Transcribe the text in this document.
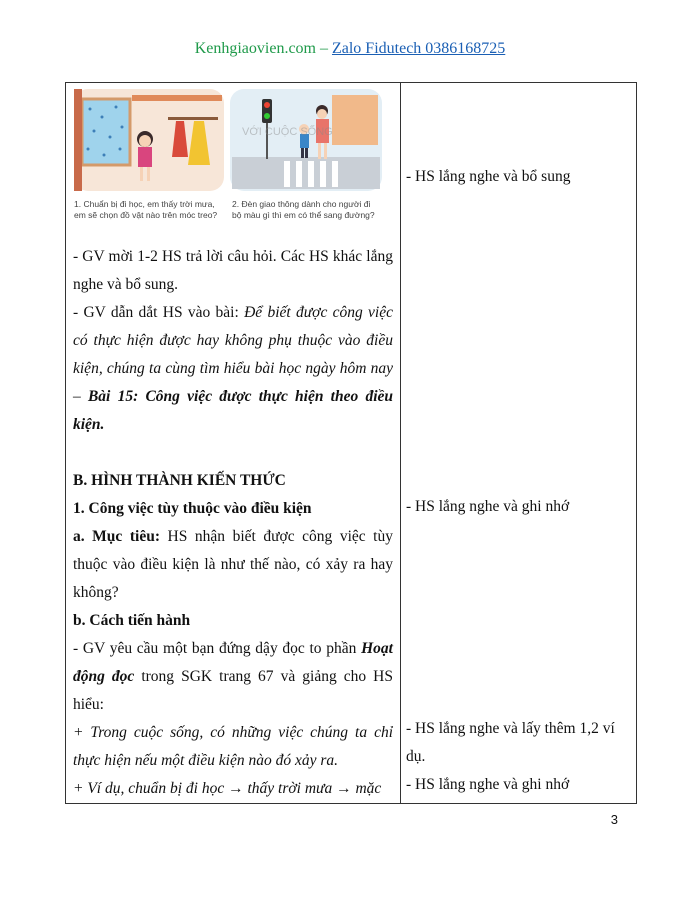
Kenhgiaovien.com – Zalo Fidutech 0386168725
1. Chuẩn bị đi học, em thấy trời mưa, em sẽ chọn đồ vật nào trên móc treo?
2. Đèn giao thông dành cho người đi bộ màu gì thì em có thể sang đường?
VỚI CUỘC SỐNG

- GV mời 1-2 HS trả lời câu hỏi. Các HS khác lắng nghe và bổ sung.

- GV dẫn dắt HS vào bài: Để biết được công việc có thực hiện được hay không phụ thuộc vào điều kiện, chúng ta cùng tìm hiểu bài học ngày hôm nay – Bài 15: Công việc được thực hiện theo điều kiện.

B. HÌNH THÀNH KIẾN THỨC

1. Công việc tùy thuộc vào điều kiện

a. Mục tiêu: HS nhận biết được công việc tùy thuộc vào điều kiện là như thế nào, có xảy ra hay không?

b. Cách tiến hành

- GV yêu cầu một bạn đứng dậy đọc to phần Hoạt động đọc trong SGK trang 67 và giảng cho HS hiểu:

+ Trong cuộc sống, có những việc chúng ta chỉ thực hiện nếu một điều kiện nào đó xảy ra.

+ Ví dụ, chuẩn bị đi học → thấy trời mưa → mặc

- HS lắng nghe và bổ sung
- HS lắng nghe và ghi nhớ
- HS lắng nghe và lấy thêm 1,2 ví dụ.
- HS lắng nghe và ghi nhớ
3
